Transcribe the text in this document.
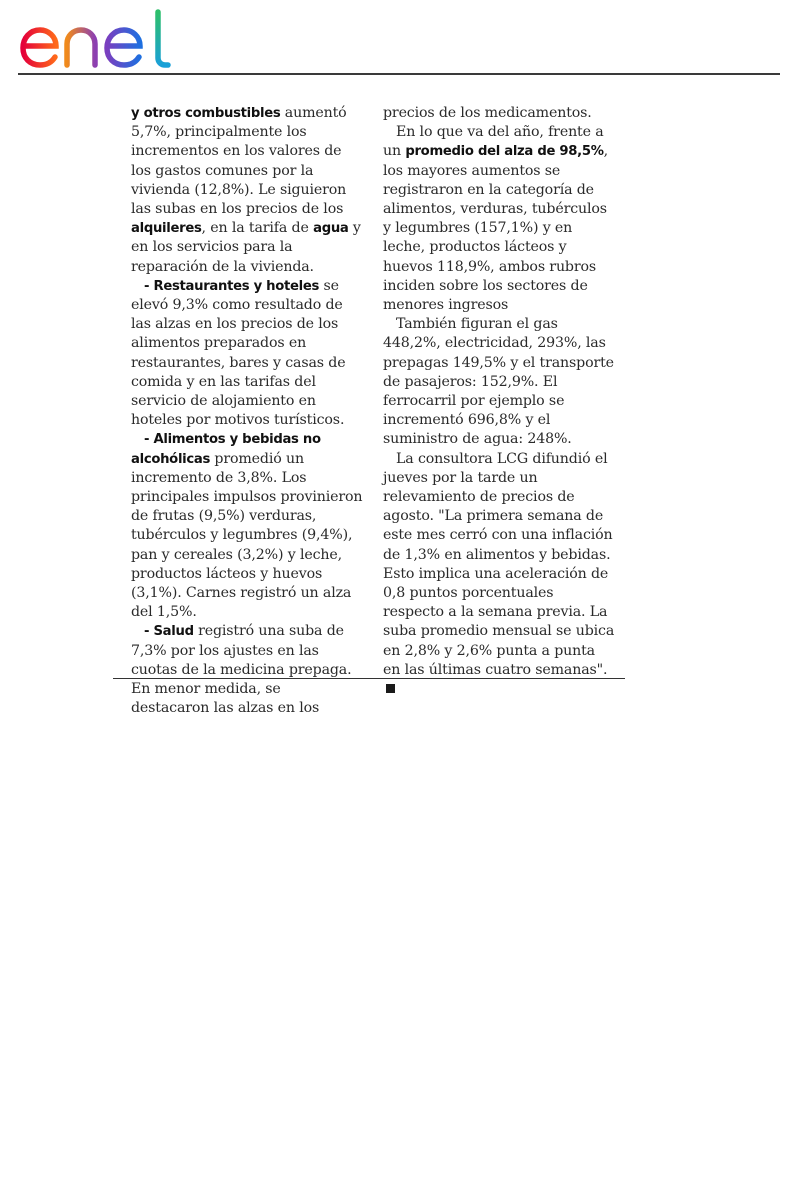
y otros combustibles aumentó 5,7%, principalmente los incrementos en los valores de los gastos comunes por la vivienda (12,8%). Le siguieron las subas en los precios de los alquileres, en la tarifa de agua y en los servicios para la reparación de la vivienda.

- Restaurantes y hoteles se elevó 9,3% como resultado de las alzas en los precios de los alimentos preparados en restaurantes, bares y casas de comida y en las tarifas del servicio de alojamiento en hoteles por motivos turísticos.

- Alimentos y bebidas no alcohólicas promedió un incremento de 3,8%. Los principales impulsos provinieron de frutas (9,5%) verduras, tubérculos y legumbres (9,4%), pan y cereales (3,2%) y leche, productos lácteos y huevos (3,1%). Carnes registró un alza del 1,5%.

- Salud registró una suba de 7,3% por los ajustes en las cuotas de la medicina prepaga. En menor medida, se destacaron las alzas en los

precios de los medicamentos.

En lo que va del año, frente a un promedio del alza de 98,5%, los mayores aumentos se registraron en la categoría de alimentos, verduras, tubérculos y legumbres (157,1%) y en leche, productos lácteos y huevos 118,9%, ambos rubros inciden sobre los sectores de menores ingresos

También figuran el gas 448,2%, electricidad, 293%, las prepagas 149,5% y el transporte de pasajeros: 152,9%. El ferrocarril por ejemplo se incrementó 696,8% y el suministro de agua: 248%.

La consultora LCG difundió el jueves por la tarde un relevamiento de precios de agosto. "La primera semana de este mes cerró con una inflación de 1,3% en alimentos y bebidas. Esto implica una aceleración de 0,8 puntos porcentuales respecto a la semana previa. La suba promedio mensual se ubica en 2,8% y 2,6% punta a punta en las últimas cuatro semanas".
